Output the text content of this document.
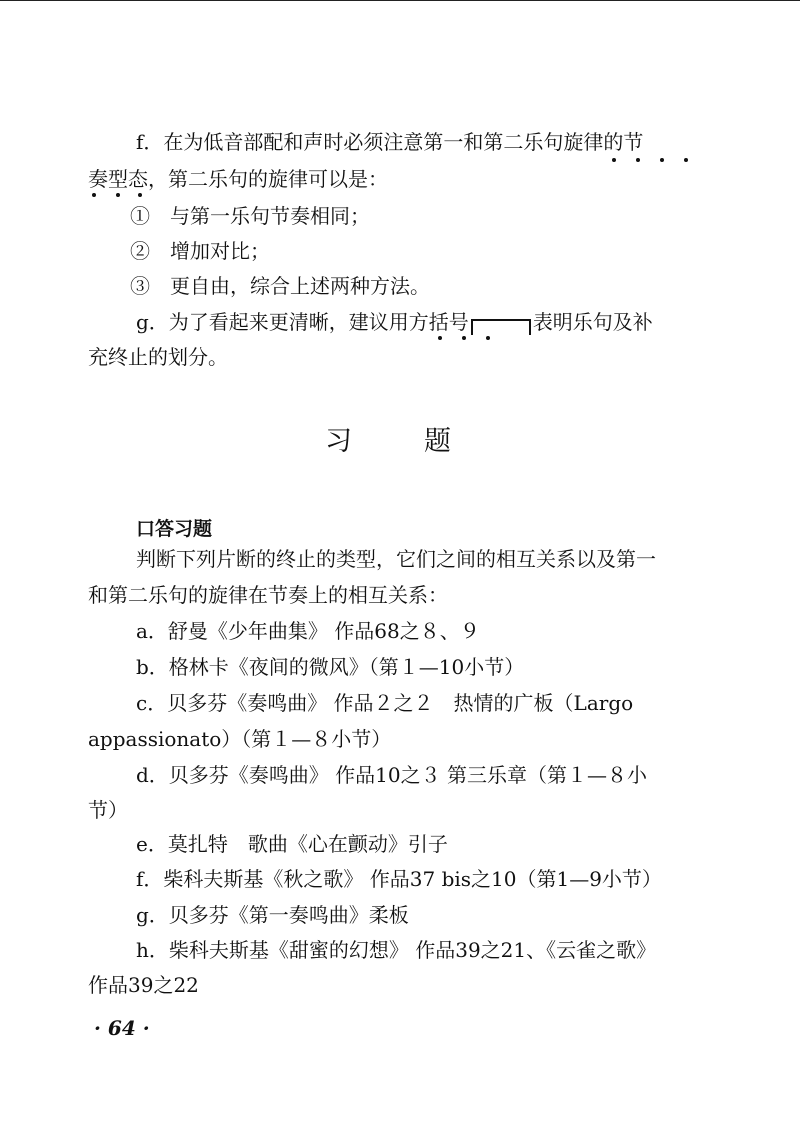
f．在为低音部配和声时必须注意第一和第二乐句旋律的节
奏型态，第二乐句的旋律可以是：
①　与第一乐句节奏相同；
②　增加对比；
③　更自由，综合上述两种方法。
g．为了看起来更清晰，建议用方括号	表明乐句及补
充终止的划分。
习	题
口答习题
判断下列片断的终止的类型，它们之间的相互关系以及第一
和第二乐句的旋律在节奏上的相互关系：
a．舒曼《少年曲集》 作品68之８、９
b．格林卡《夜间的微风》（第１—10小节）
c．贝多芬《奏鸣曲》 作品２之２　热情的广板（Largo
appassionato）（第１—８小节）
d．贝多芬《奏鸣曲》 作品10之３ 第三乐章（第１—８小
节）
e．莫扎特　歌曲《心在颤动》引子
f．柴科夫斯基《秋之歌》 作品37 bis之10（第1—9小节）
g．贝多芬《第一奏鸣曲》柔板
h．柴科夫斯基《甜蜜的幻想》 作品39之21、《云雀之歌》
作品39之22
· 64 ·
